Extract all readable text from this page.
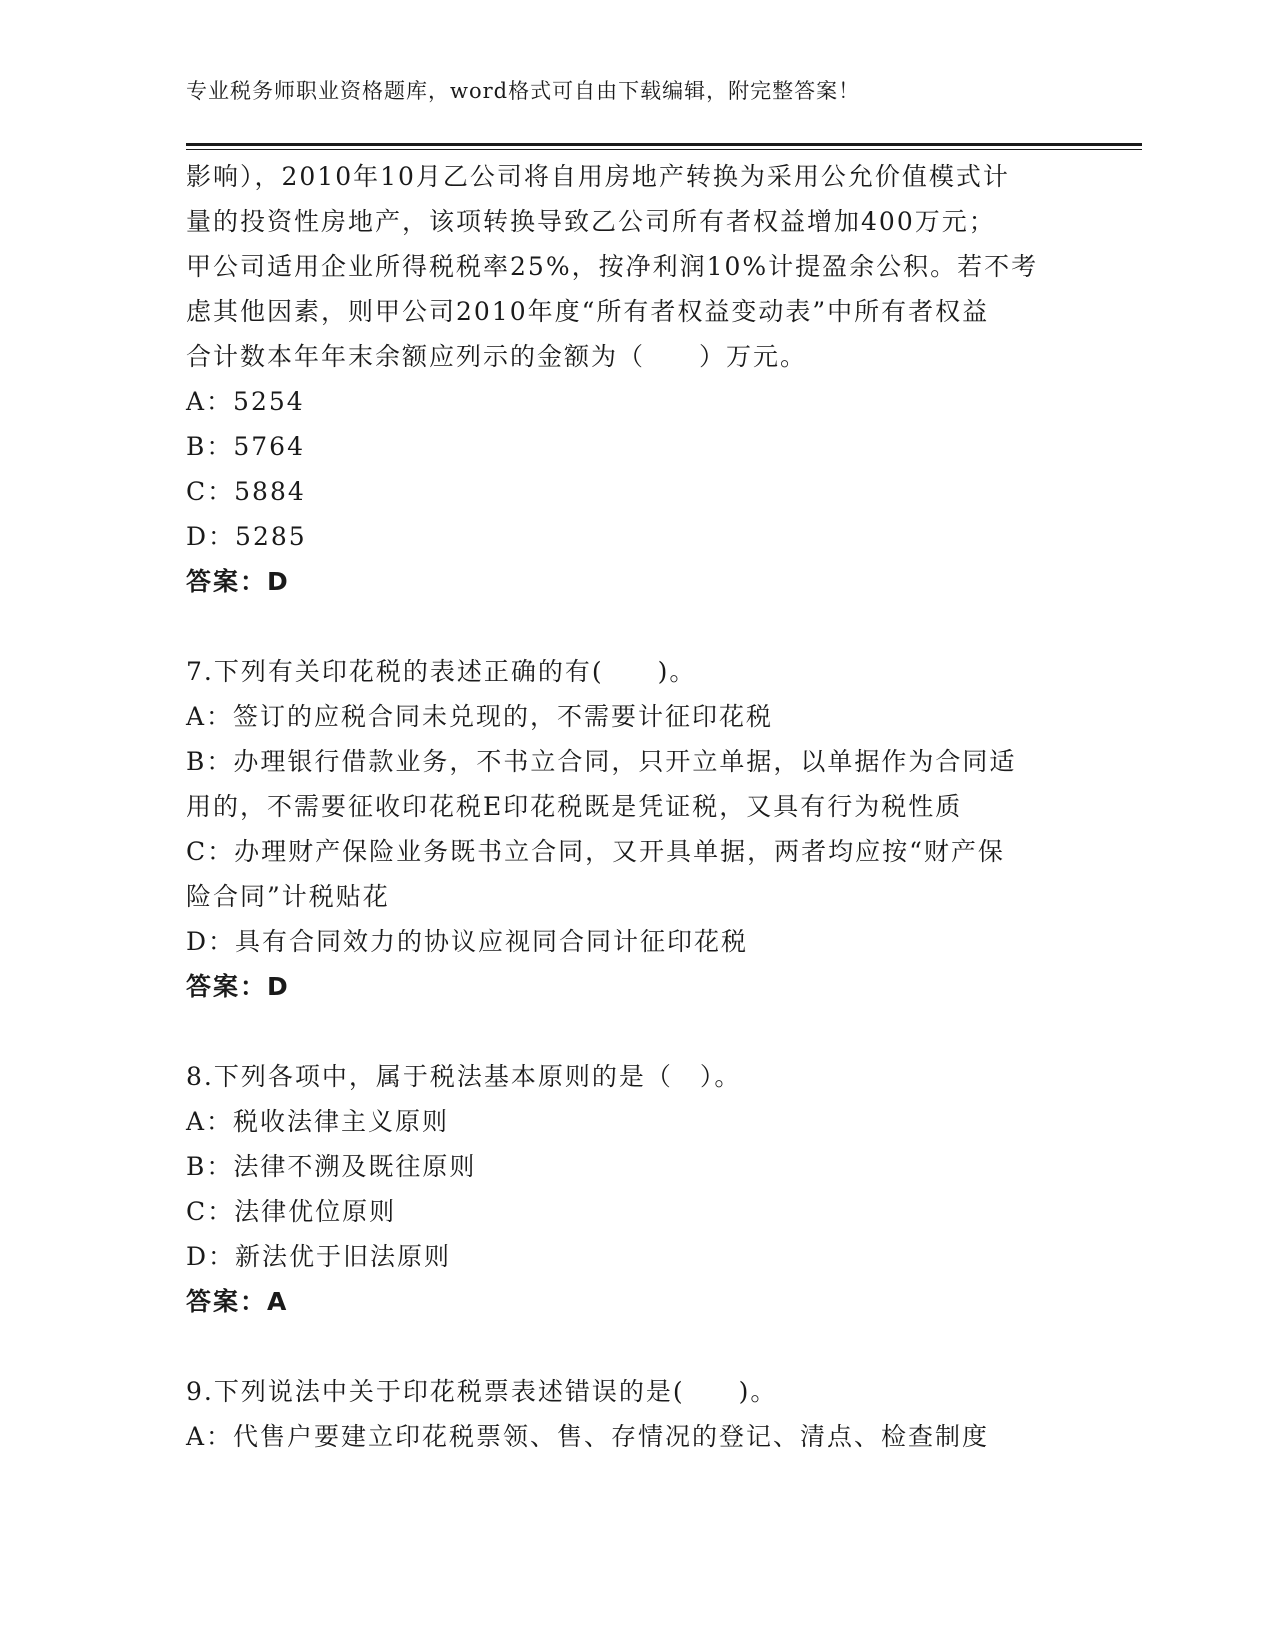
专业税务师职业资格题库，word格式可自由下载编辑，附完整答案！
影响），2010年10月乙公司将自用房地产转换为采用公允价值模式计
量的投资性房地产，该项转换导致乙公司所有者权益增加400万元；
甲公司适用企业所得税税率25%，按净利润10%计提盈余公积。若不考
虑其他因素，则甲公司2010年度“所有者权益变动表”中所有者权益
合计数本年年末余额应列示的金额为（　　）万元。
A：5254
B：5764
C：5884
D：5285
答案：D
7.下列有关印花税的表述正确的有(　　)。
A：签订的应税合同未兑现的，不需要计征印花税
B：办理银行借款业务，不书立合同，只开立单据，以单据作为合同适
用的，不需要征收印花税E印花税既是凭证税，又具有行为税性质
C：办理财产保险业务既书立合同，又开具单据，两者均应按“财产保
险合同”计税贴花
D：具有合同效力的协议应视同合同计征印花税
答案：D
8.下列各项中，属于税法基本原则的是（　）。
A：税收法律主义原则
B：法律不溯及既往原则
C：法律优位原则
D：新法优于旧法原则
答案：A
9.下列说法中关于印花税票表述错误的是(　　)。
A：代售户要建立印花税票领、售、存情况的登记、清点、检查制度
